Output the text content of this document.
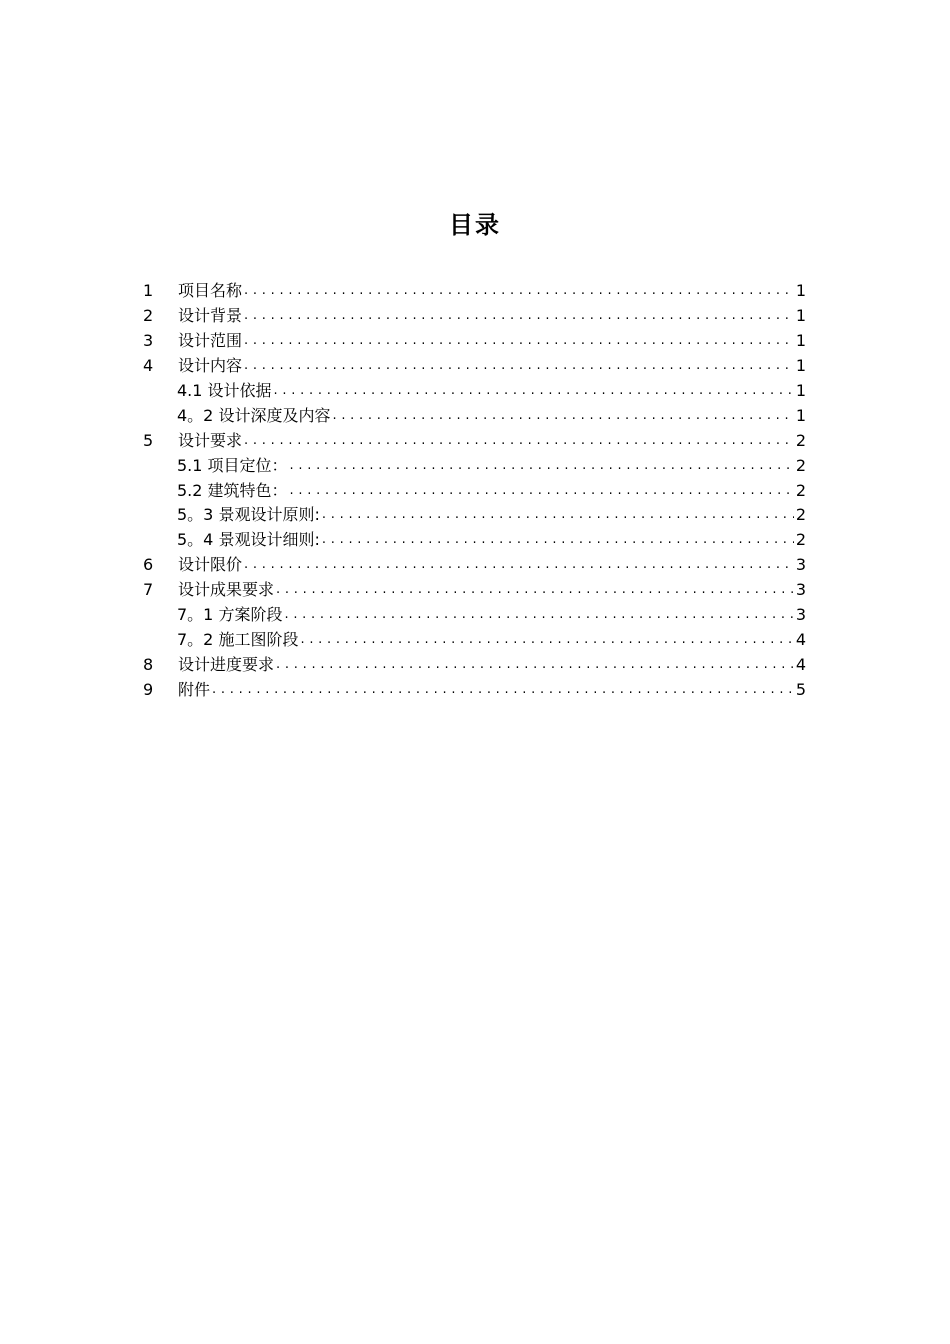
目录
1	项目名称 . . .	1
2	设计背景 . . .	1
3	设计范围 . . .	1
4	设计内容 . . .	1
4.1 设计依据 . . .	1
4。2 设计深度及内容 . . .	1
5	设计要求 . . .	2
5.1 项目定位： . . .	2
5.2 建筑特色： . . .	2
5。3 景观设计原则: . . .	2
5。4 景观设计细则: . . .	2
6	设计限价 . . .	3
7	设计成果要求 . . .	3
7。1 方案阶段 . . .	3
7。2 施工图阶段 . . .	4
8	设计进度要求 . . .	4
9	附件 . . .	5
